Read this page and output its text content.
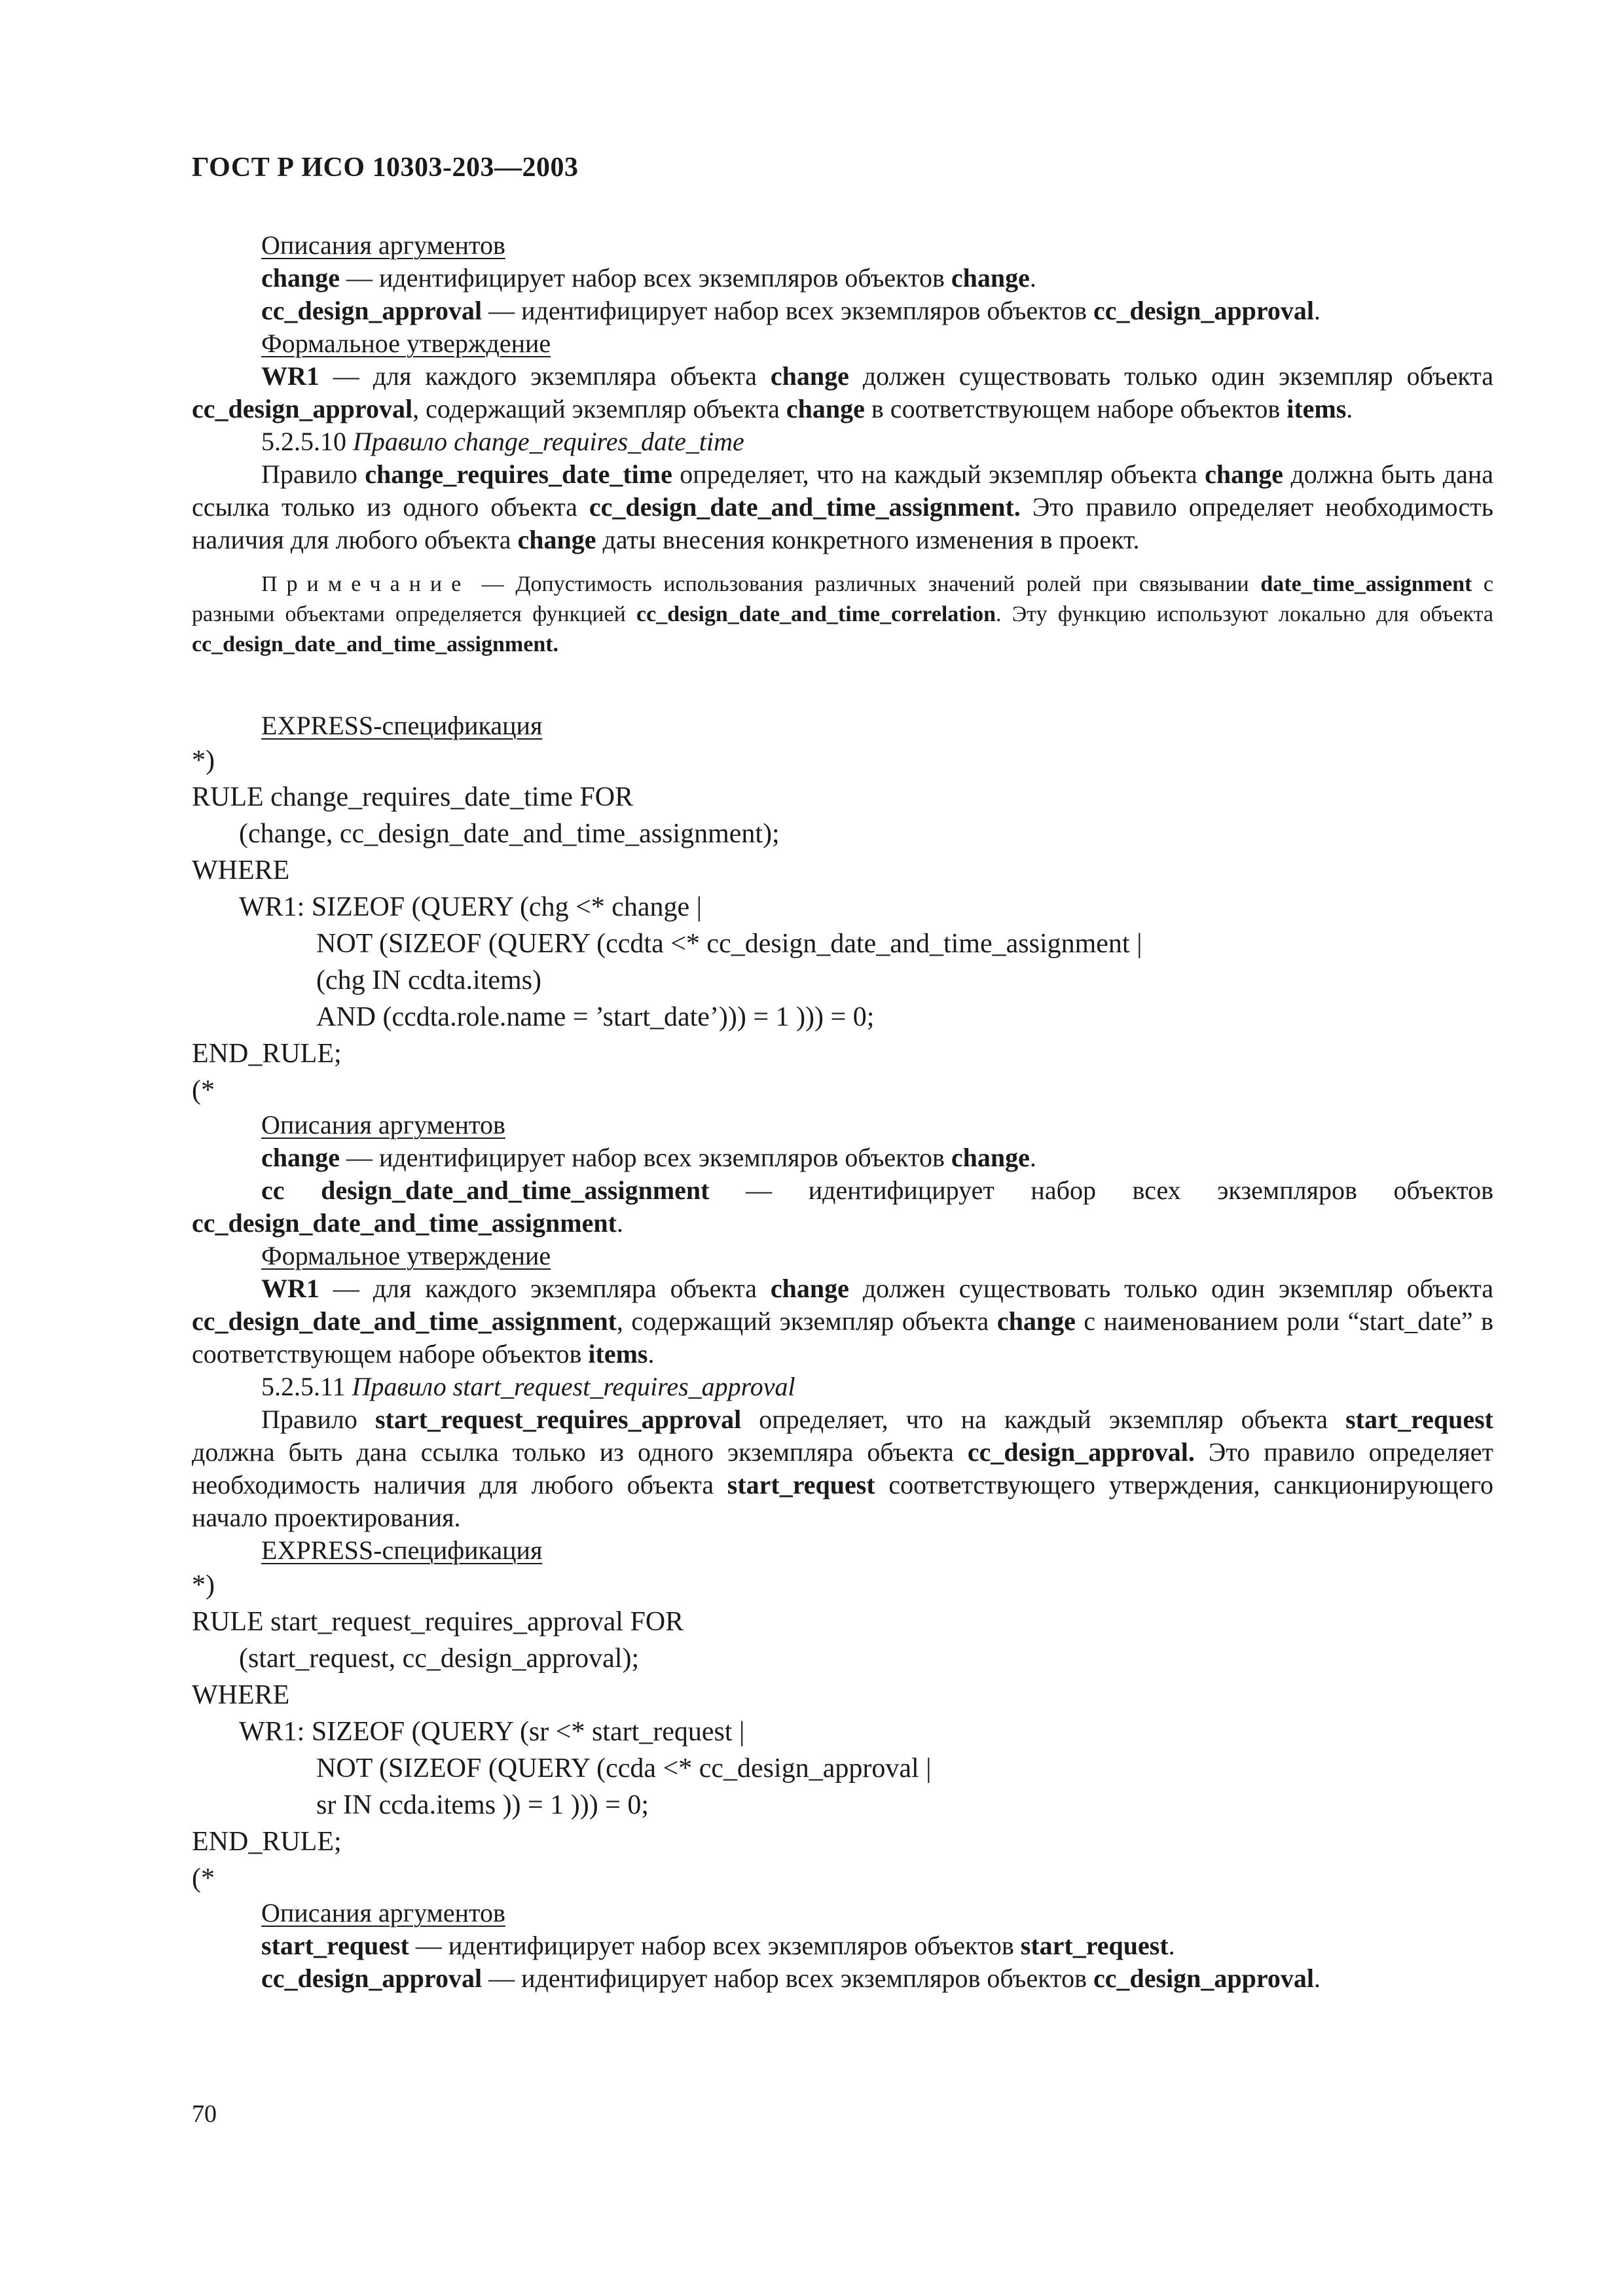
ГОСТ Р ИСО 10303-203—2003

Описания аргументов

change — идентифицирует набор всех экземпляров объектов change.

cc_design_approval — идентифицирует набор всех экземпляров объектов cc_design_approval.

Формальное утверждение

WR1 — для каждого экземпляра объекта change должен существовать только один экземпляр объекта cc_design_approval, содержащий экземпляр объекта change в соответствующем наборе объектов items.

5.2.5.10 Правило change_requires_date_time

Правило change_requires_date_time определяет, что на каждый экземпляр объекта change должна быть дана ссылка только из одного объекта cc_design_date_and_time_assignment. Это правило определяет необходимость наличия для любого объекта change даты внесения конкретного изменения в проект.

Примечание — Допустимость использования различных значений ролей при связывании date_time_assignment с разными объектами определяется функцией cc_design_date_and_time_correlation. Эту функцию используют локально для объекта cc_design_date_and_time_assignment.

EXPRESS-спецификация

*)

RULE change_requires_date_time FOR

(change, cc_design_date_and_time_assignment);

WHERE

WR1: SIZEOF (QUERY (chg <* change |

NOT (SIZEOF (QUERY (ccdta <* cc_design_date_and_time_assignment |

(chg IN ccdta.items)

AND (ccdta.role.name = ’start_date’))) = 1 ))) = 0;

END_RULE;

(*

Описания аргументов

change — идентифицирует набор всех экземпляров объектов change.

cc design_date_and_time_assignment — идентифицирует набор всех экземпляров объектов cc_design_date_and_time_assignment.

Формальное утверждение

WR1 — для каждого экземпляра объекта change должен существовать только один экземпляр объекта cc_design_date_and_time_assignment, содержащий экземпляр объекта change с наименованием роли “start_date” в соответствующем наборе объектов items.

5.2.5.11 Правило start_request_requires_approval

Правило start_request_requires_approval определяет, что на каждый экземпляр объекта start_request должна быть дана ссылка только из одного экземпляра объекта cc_design_approval. Это правило определяет необходимость наличия для любого объекта start_request соответствующего утверждения, санкционирующего начало проектирования.

EXPRESS-спецификация

*)

RULE start_request_requires_approval FOR

(start_request, cc_design_approval);

WHERE

WR1: SIZEOF (QUERY (sr <* start_request |

NOT (SIZEOF (QUERY (ccda <* cc_design_approval |

sr IN ccda.items )) = 1 ))) = 0;

END_RULE;

(*

Описания аргументов

start_request — идентифицирует набор всех экземпляров объектов start_request.

cc_design_approval — идентифицирует набор всех экземпляров объектов cc_design_approval.

70
